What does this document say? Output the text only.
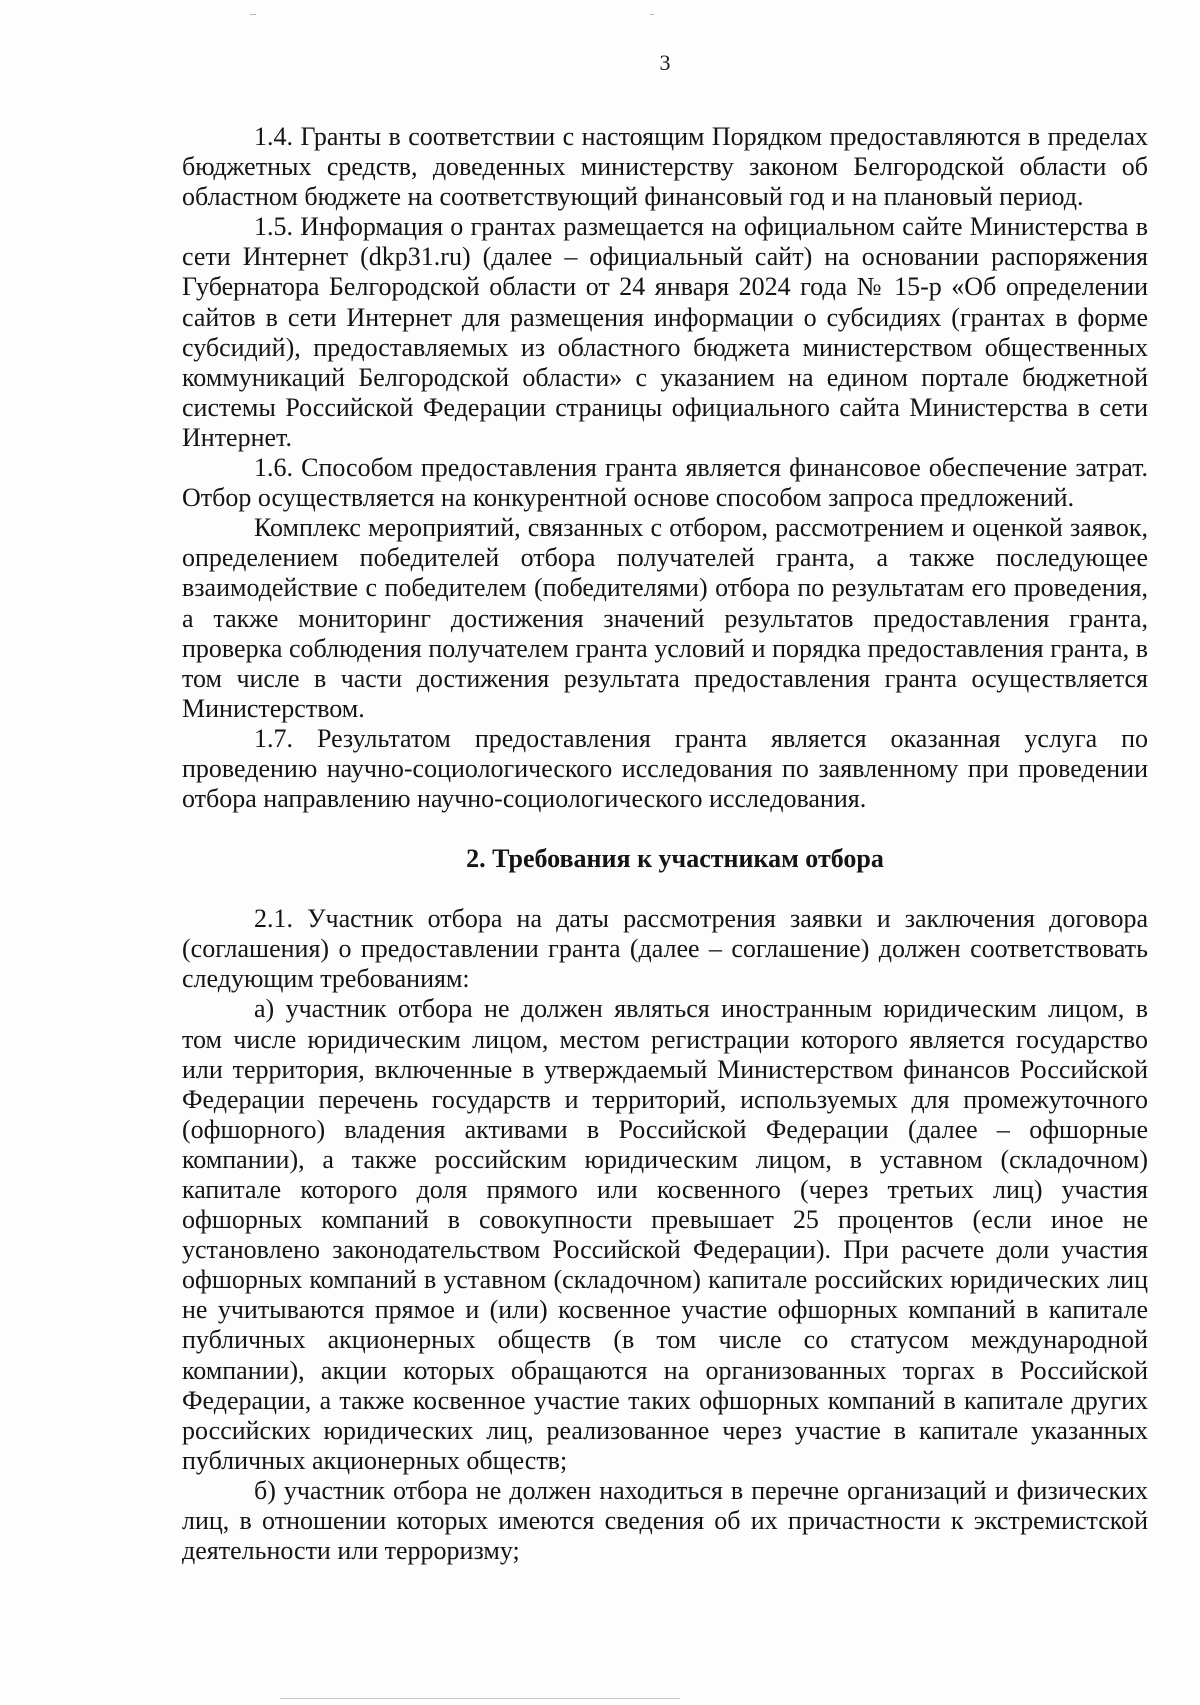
3

1.4. Гранты в соответствии с настоящим Порядком предоставляются в пределах бюджетных средств, доведенных министерству законом Белгородской области об областном бюджете на соответствующий финансовый год и на плановый период.

1.5. Информация о грантах размещается на официальном сайте Министерства в сети Интернет (dkp31.ru) (далее – официальный сайт) на основании распоряжения Губернатора Белгородской области от 24 января 2024 года № 15-р «Об определении сайтов в сети Интернет для размещения информации о субсидиях (грантах в форме субсидий), предоставляемых из областного бюджета министерством общественных коммуникаций Белгородской области» с указанием на едином портале бюджетной системы Российской Федерации страницы официального сайта Министерства в сети Интернет.

1.6. Способом предоставления гранта является финансовое обеспечение затрат. Отбор осуществляется на конкурентной основе способом запроса предложений.

Комплекс мероприятий, связанных с отбором, рассмотрением и оценкой заявок, определением победителей отбора получателей гранта, а также последующее взаимодействие с победителем (победителями) отбора по результатам его проведения, а также мониторинг достижения значений результатов предоставления гранта, проверка соблюдения получателем гранта условий и порядка предоставления гранта, в том числе в части достижения результата предоставления гранта осуществляется Министерством.

1.7. Результатом предоставления гранта является оказанная услуга по проведению научно-социологического исследования по заявленному при проведении отбора направлению научно-социологического исследования.

2. Требования к участникам отбора

2.1. Участник отбора на даты рассмотрения заявки и заключения договора (соглашения) о предоставлении гранта (далее – соглашение) должен соответствовать следующим требованиям:

а) участник отбора не должен являться иностранным юридическим лицом, в том числе юридическим лицом, местом регистрации которого является государство или территория, включенные в утверждаемый Министерством финансов Российской Федерации перечень государств и территорий, используемых для промежуточного (офшорного) владения активами в Российской Федерации (далее – офшорные компании), а также российским юридическим лицом, в уставном (складочном) капитале которого доля прямого или косвенного (через третьих лиц) участия офшорных компаний в совокупности превышает 25 процентов (если иное не установлено законодательством Российской Федерации). При расчете доли участия офшорных компаний в уставном (складочном) капитале российских юридических лиц не учитываются прямое и (или) косвенное участие офшорных компаний в капитале публичных акционерных обществ (в том числе со статусом международной компании), акции которых обращаются на организованных торгах в Российской Федерации, а также косвенное участие таких офшорных компаний в капитале других российских юридических лиц, реализованное через участие в капитале указанных публичных акционерных обществ;

б) участник отбора не должен находиться в перечне организаций и физических лиц, в отношении которых имеются сведения об их причастности к экстремистской деятельности или терроризму;
